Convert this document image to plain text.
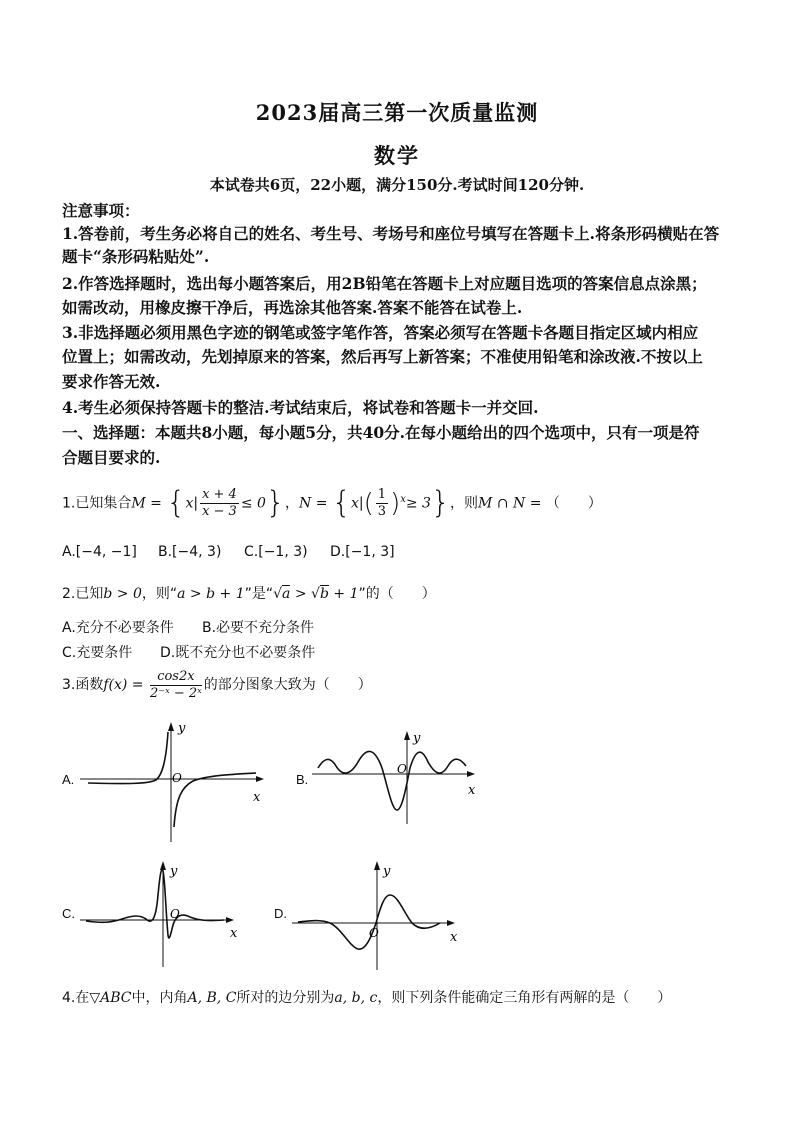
2023届高三第一次质量监测
数学
本试卷共6页，22小题，满分150分.考试时间120分钟.
注意事项：
1.答卷前，考生务必将自己的姓名、考生号、考场号和座位号填写在答题卡上.将条形码横贴在答
题卡“条形码粘贴处”.
2.作答选择题时，选出每小题答案后，用2B铅笔在答题卡上对应题目选项的答案信息点涂黑；
如需改动，用橡皮擦干净后，再选涂其他答案.答案不能答在试卷上.
3.非选择题必须用黑色字迹的钢笔或签字笔作答，答案必须写在答题卡各题目指定区域内相应
位置上；如需改动，先划掉原来的答案，然后再写上新答案；不准使用铅笔和涂改液.不按以上
要求作答无效.
4.考生必须保持答题卡的整洁.考试结束后，将试卷和答题卡一并交回.
一、选择题：本题共8小题，每小题5分，共40分.在每小题给出的四个选项中，只有一项是符
合题目要求的.
1.已知集合$M = \{x| \frac{x + 4}{x - 3} \le 0\}$，$N = \{x|( \frac{1}{3} )^x\ge 3\}$，则M ∩ N = （　　）
A.[−4, −1] B.[−4, 3) C.[−1, 3) D.[−1, 3]
2.已知b > 0，则“a > b + 1”是“√a > √b + 1”的（　　）
A.充分不必要条件 B.必要不充分条件
C.充要条件 D.既不充分也不必要条件
3.函数$f(x) = \frac{\cos 2x}{\text{2⁻ˣ − 2ˣ}}$ 的部分图象大致为（　　）
A.
y
x
O	B.
y
x
O
C.
y
x
O	D.
y
x
O
4.在▽ABC中，内角A, B, C所对的边分别为a, b, c，则下列条件能确定三角形有两解的是（　　）
